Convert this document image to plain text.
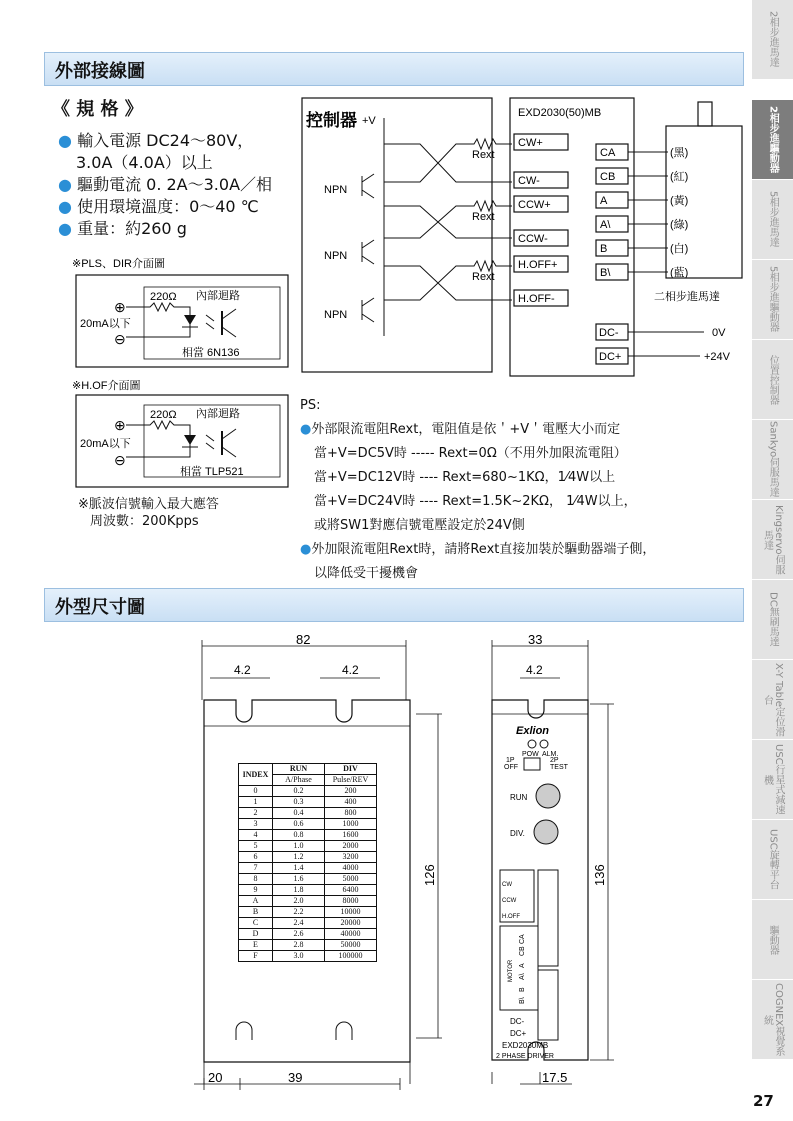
2相步進馬達
2相步進驅動器
5相步進馬達
5相步進驅動器
位置控制器
Sankyo伺服馬達
Kingservo伺服馬達
DC無刷馬達
X-Y Table定位滑台
USC行星式減速機
USC旋轉平台
驅動器
COGNEX視覺系統
27
外部接線圖
外型尺寸圖
《 規 格 》
● 輸入電源 DC24～80V，
3.0A（4.0A）以上
● 驅動電流 0. 2A～3.0A／相
● 使用環境溫度：0～40 ℃
● 重量：約260 g
※PLS、DIR介面圖
220Ω 內部迴路
⊕
20mA以下
⊖
相當 6N136
※H.OF介面圖
220Ω 內部迴路
⊕
20mA以下
⊖
相當 TLP521
※脈波信號輸入最大應答
周波數：200Kpps
控制器 +V
NPN
NPN
NPN
Rext
Rext
Rext
EXD2030(50)MB
CW+
CW-
CCW+
CCW-
H.OFF+
H.OFF-
CA
CB
A
A\
B
B\
DC-
DC+
(黑)
(紅)
(黃)
(綠)
(白)
(藍)
二相步進馬達
0V
+24V
PS:
●外部限流電阻Rext，電阻值是依＇+V＇電壓大小而定
當+V=DC5V時 ----- Rext=0Ω（不用外加限流電阻）
當+V=DC12V時 ---- Rext=680~1KΩ，1⁄4W以上
當+V=DC24V時 ---- Rext=1.5K~2KΩ， 1⁄4W以上，
或將SW1對應信號電壓設定於24V側
●外加限流電阻Rext時，請將Rext直接加裝於驅動器端子側，
以降低受干擾機會
82
4.2	4.2
126
20	39
INDEX	RUN	DIV
	A/Phase	Pulse/REV
0	0.2	200
1	0.3	400
2	0.4	800
3	0.6	1000
4	0.8	1600
5	1.0	2000
6	1.2	3200
7	1.4	4000
8	1.6	5000
9	1.8	6400
A	2.0	8000
B	2.2	10000
C	2.4	20000
D	2.6	40000
E	2.8	50000
F	3.0	100000
33
4.2
136
17.5
Exlion
POW ALM.
1P	2P
OFF	TEST
RUN
DIV.
CW
CCW
H.OFF
MOTOR
CA
CB
A
A\
B
B\
DC-
DC+
EXD2030MB
2 PHASE DRIVER
